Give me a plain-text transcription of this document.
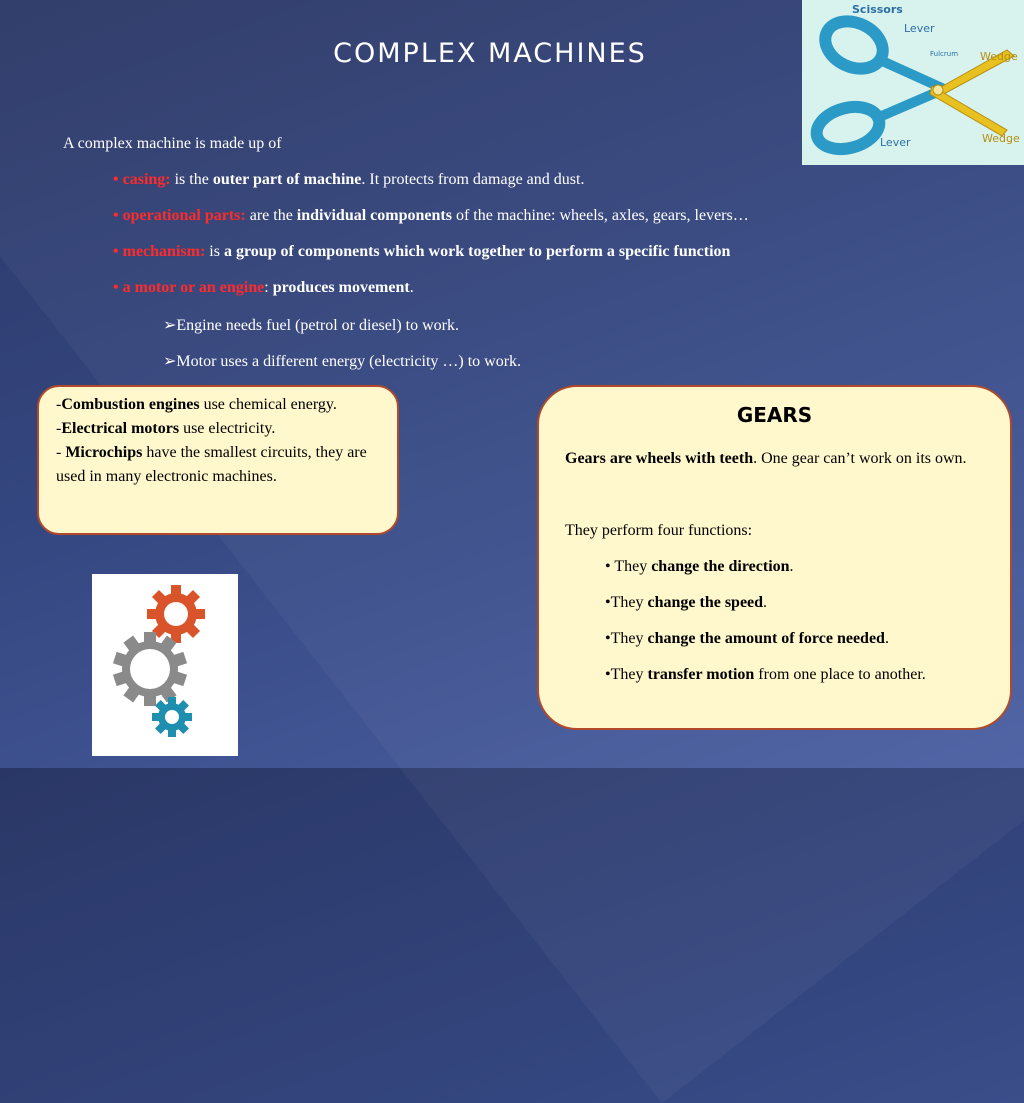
COMPLEX MACHINES
Scissors
Lever
Fulcrum Wedge
Lever	Wedge
A complex machine is made up of
• casing: is the outer part of machine. It protects from damage and dust.
• operational parts: are the individual components of the machine: wheels, axles, gears, levers…
• mechanism: is a group of components which work together to perform a specific function
• a motor or an engine: produces movement.
➢Engine needs fuel (petrol or diesel) to work.
➢Motor uses a different energy (electricity …) to work.
-Combustion engines use chemical energy.
-Electrical motors use electricity.
- Microchips have the smallest circuits, they are used in many electronic machines.
GEARS
Gears are wheels with teeth. One gear can’t work on its own.
They perform four functions:
• They change the direction.
•They change the speed.
•They change the amount of force needed.
•They transfer motion from one place to another.
